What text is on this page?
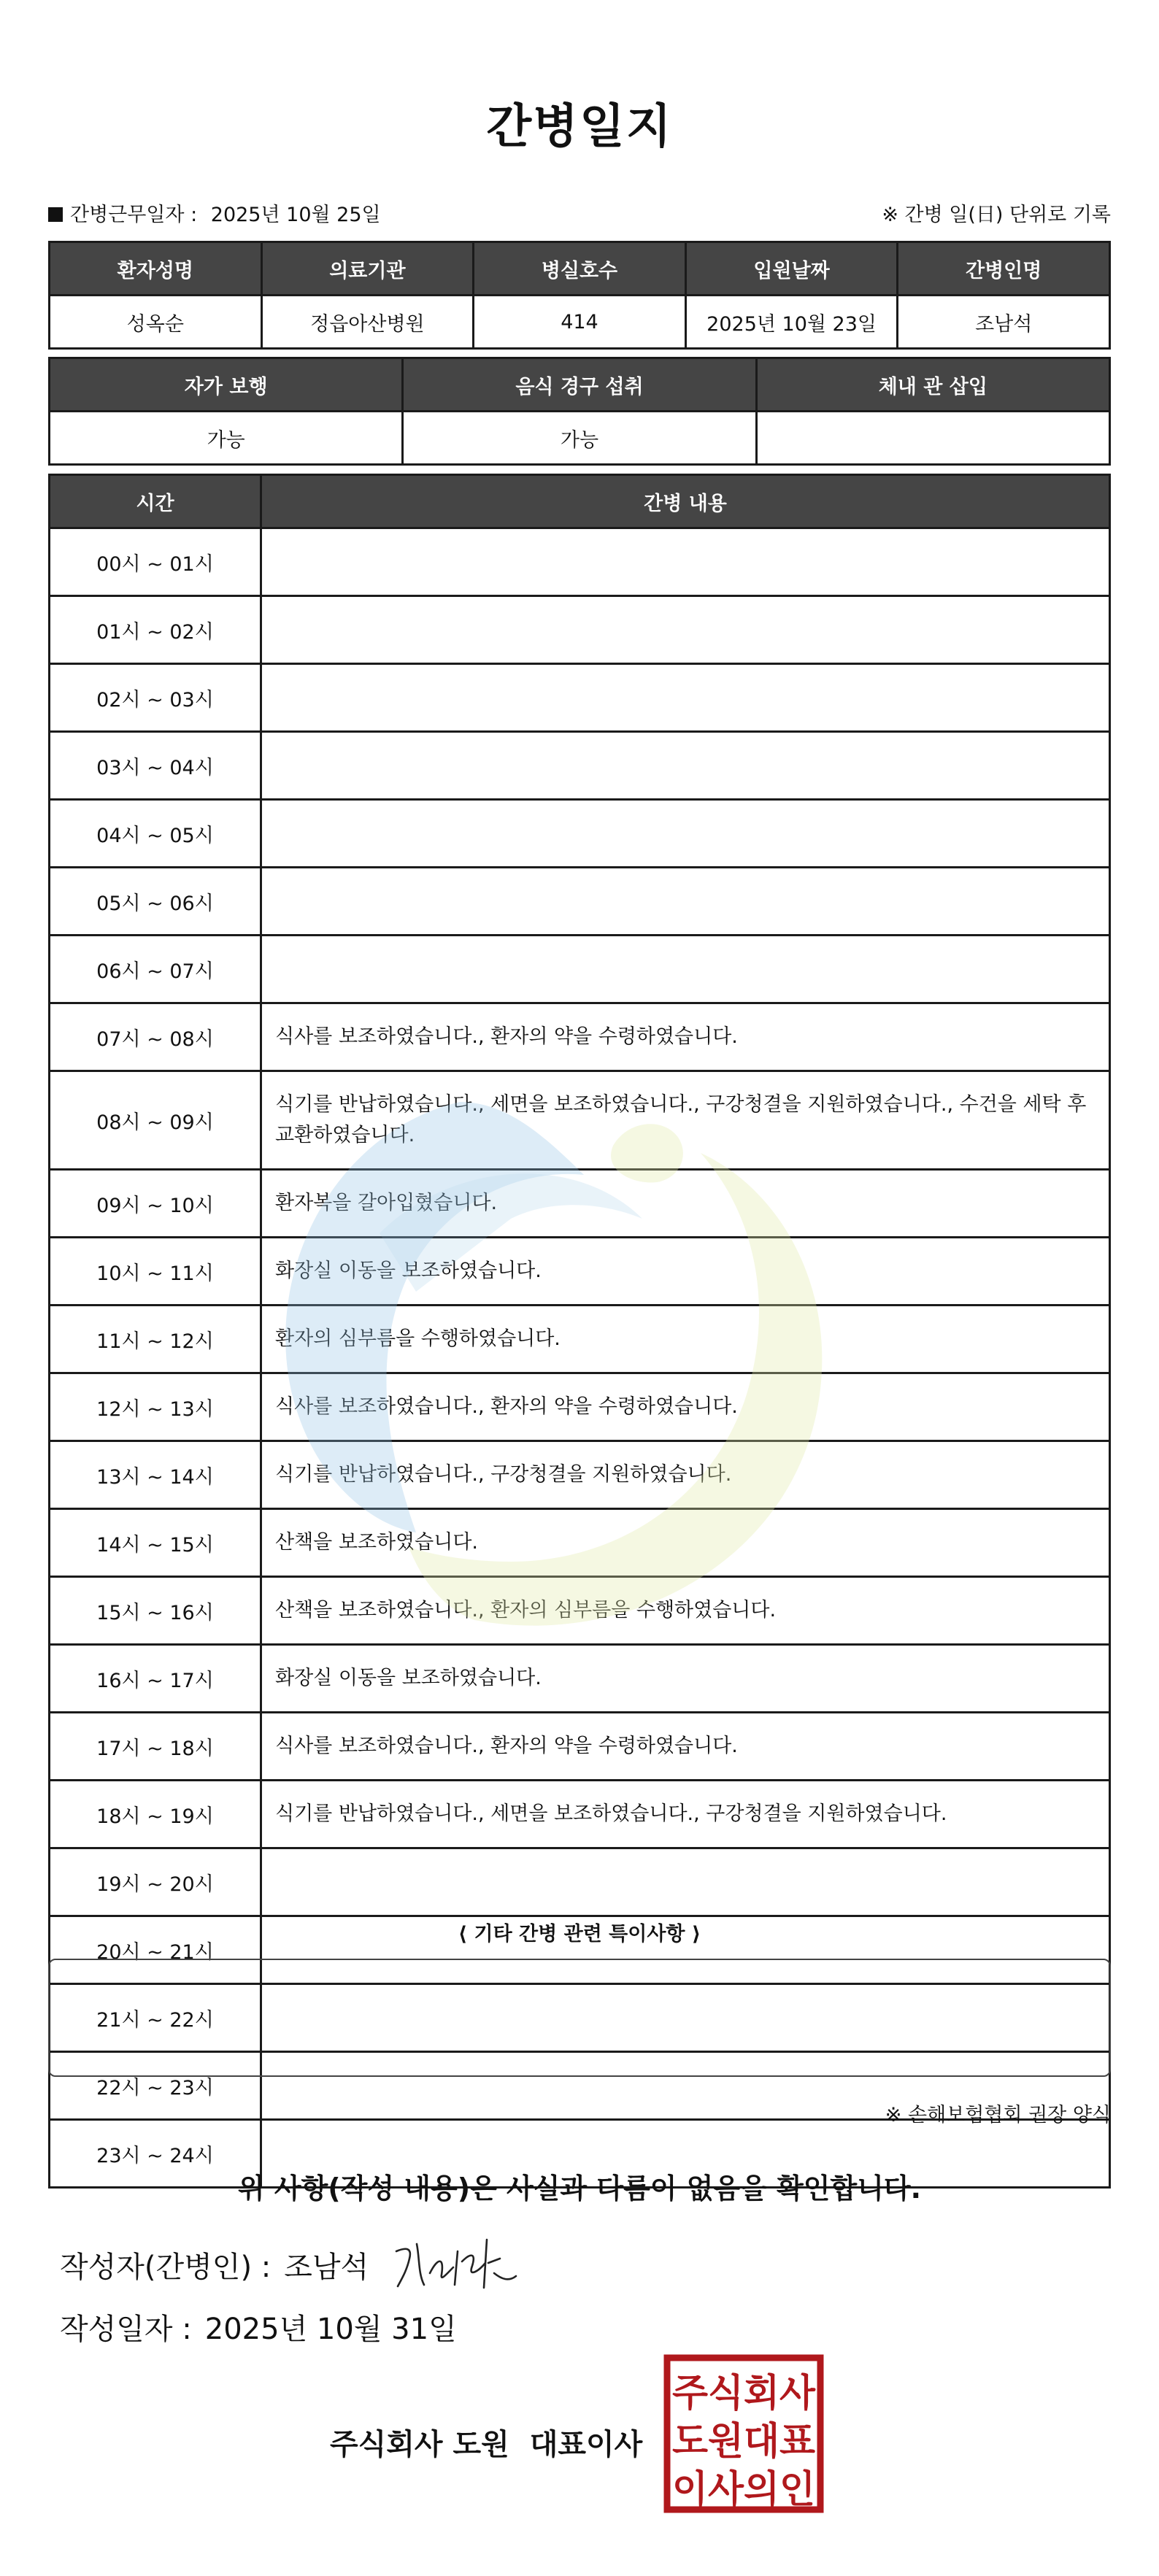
간병일지
간병근무일자 : 2025년 10월 25일	※ 간병 일(日) 단위로 기록
환자성명	의료기관	병실호수	입원날짜	간병인명
성옥순	정읍아산병원	414	2025년 10월 23일	조남석
자가 보행	음식 경구 섭취	체내 관 삽입
가능	가능	
시간	간병 내용
00시 ~ 01시	
01시 ~ 02시	
02시 ~ 03시	
03시 ~ 04시	
04시 ~ 05시	
05시 ~ 06시	
06시 ~ 07시	
07시 ~ 08시	식사를 보조하였습니다., 환자의 약을 수령하였습니다.
08시 ~ 09시	식기를 반납하였습니다., 세면을 보조하였습니다., 구강청결을 지원하였습니다., 수건을 세탁 후 교환하였습니다.
09시 ~ 10시	환자복을 갈아입혔습니다.
10시 ~ 11시	화장실 이동을 보조하였습니다.
11시 ~ 12시	환자의 심부름을 수행하였습니다.
12시 ~ 13시	식사를 보조하였습니다., 환자의 약을 수령하였습니다.
13시 ~ 14시	식기를 반납하였습니다., 구강청결을 지원하였습니다.
14시 ~ 15시	산책을 보조하였습니다.
15시 ~ 16시	산책을 보조하였습니다., 환자의 심부름을 수행하였습니다.
16시 ~ 17시	화장실 이동을 보조하였습니다.
17시 ~ 18시	식사를 보조하였습니다., 환자의 약을 수령하였습니다.
18시 ~ 19시	식기를 반납하였습니다., 세면을 보조하였습니다., 구강청결을 지원하였습니다.
19시 ~ 20시	
20시 ~ 21시	
21시 ~ 22시	
22시 ~ 23시	
23시 ~ 24시	
⟨ 기타 간병 관련 특이사항 ⟩
※ 손해보험협회 권장 양식
위 사항(작성 내용)은 사실과 다름이 없음을 확인합니다.
작성자(간병인) : 조남석
작성일자 : 2025년 10월 31일
주식회사 도원 대표이사
주식회사
도원대표
이사의인
